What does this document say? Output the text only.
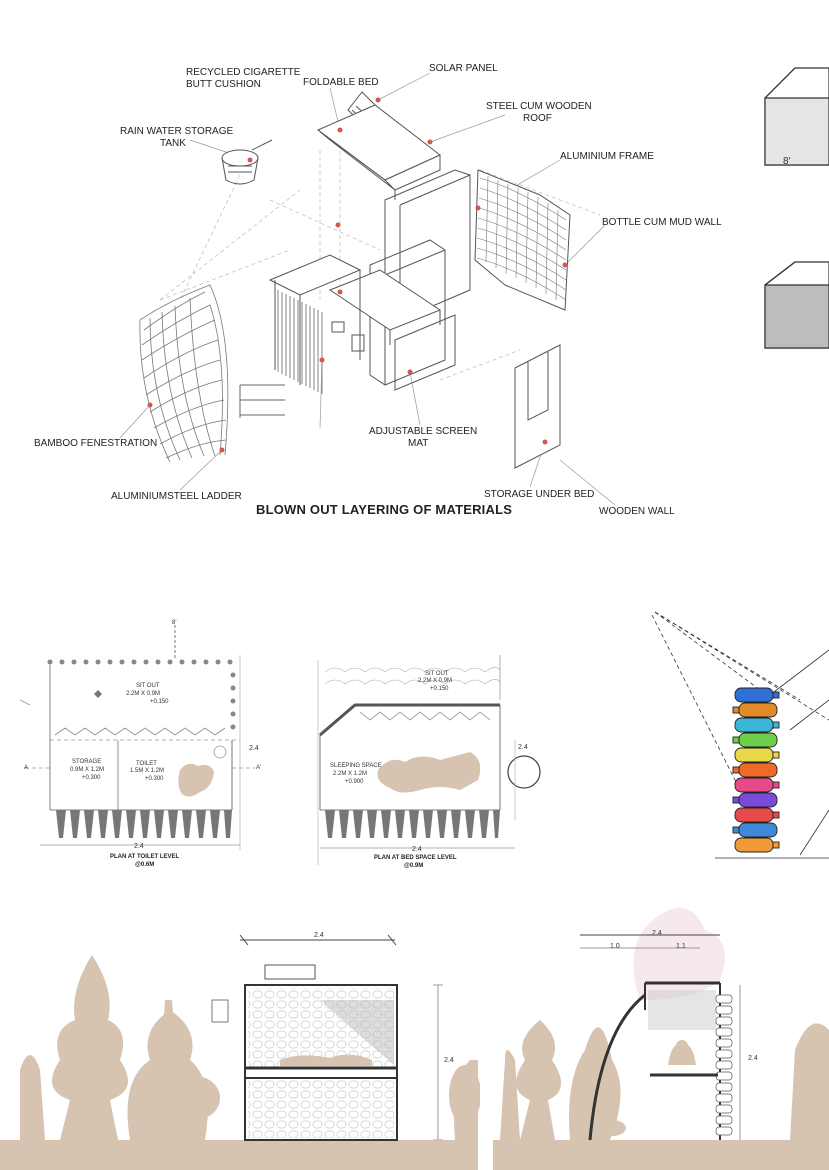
SOLAR PANEL
RECYCLED CIGARETTE
BUTT CUSHION	FOLDABLE BED
STEEL CUM WOODEN
ROOF
RAIN WATER STORAGE
TANK
ALUMINIUM FRAME
BOTTLE CUM MUD WALL
BAMBOO FENESTRATION
ADJUSTABLE SCREEN
MAT
ALUMINIUMSTEEL LADDER	STORAGE UNDER BED
WOODEN WALL
BLOWN OUT LAYERING OF MATERIALS
8'
SIT OUT
2.2M X 0.9M
+0.150
STORAGE
0.9M X 1.2M
+0.300
TOILET
1.5M X 1.2M
+0.300
2.4
2.4
8'
A	A'
PLAN AT TOILET LEVEL
@0.6M
SIT OUT
2.2M X 0.9M
+0.150
SLEEPING SPACE
2.2M X 1.2M
+0.900
2.4
2.4
PLAN AT BED SPACE LEVEL
@0.9M
2.4
2.4
2.4
1.0	1.1
2.4
